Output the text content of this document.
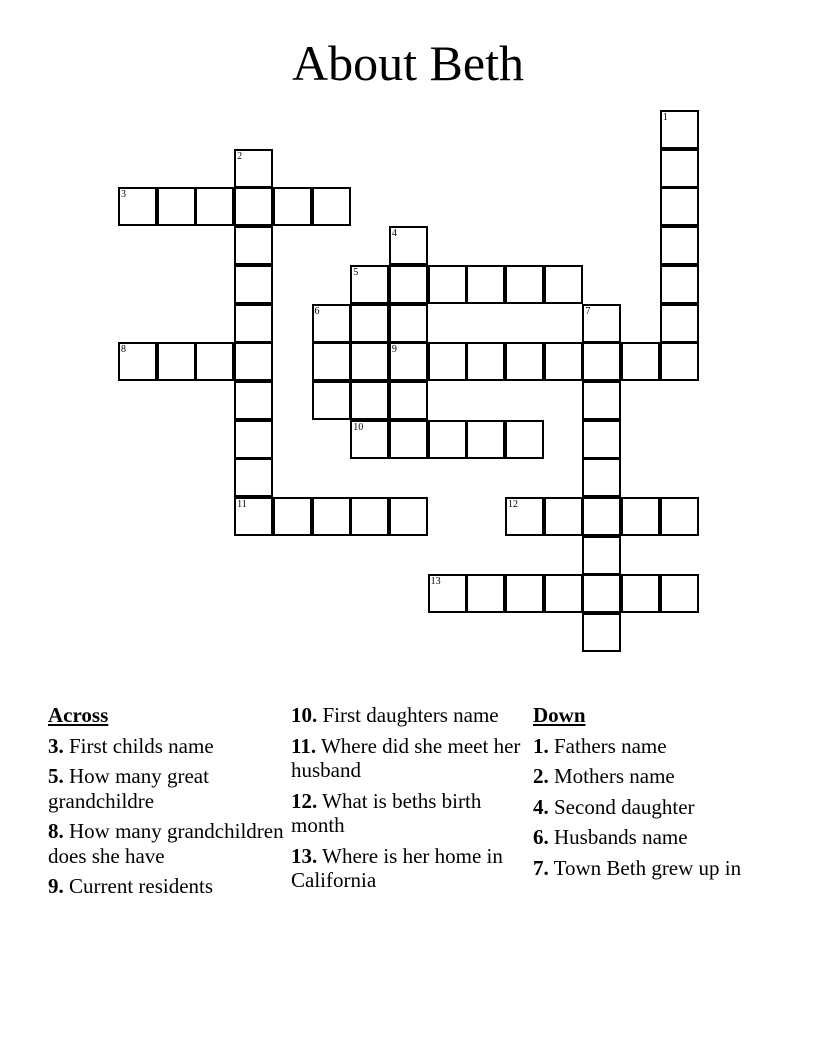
About Beth
1
2
11
3
4
9
5
6	7
8
10
12
13
Across
3. First childs name
5. How many great grandchildre
8. How many grandchildren does she have
9. Current residents
10. First daughters name
11. Where did she meet her husband
12. What is beths birth month
13. Where is her home in California
Down
1. Fathers name
2. Mothers name
4. Second daughter
6. Husbands name
7. Town Beth grew up in
